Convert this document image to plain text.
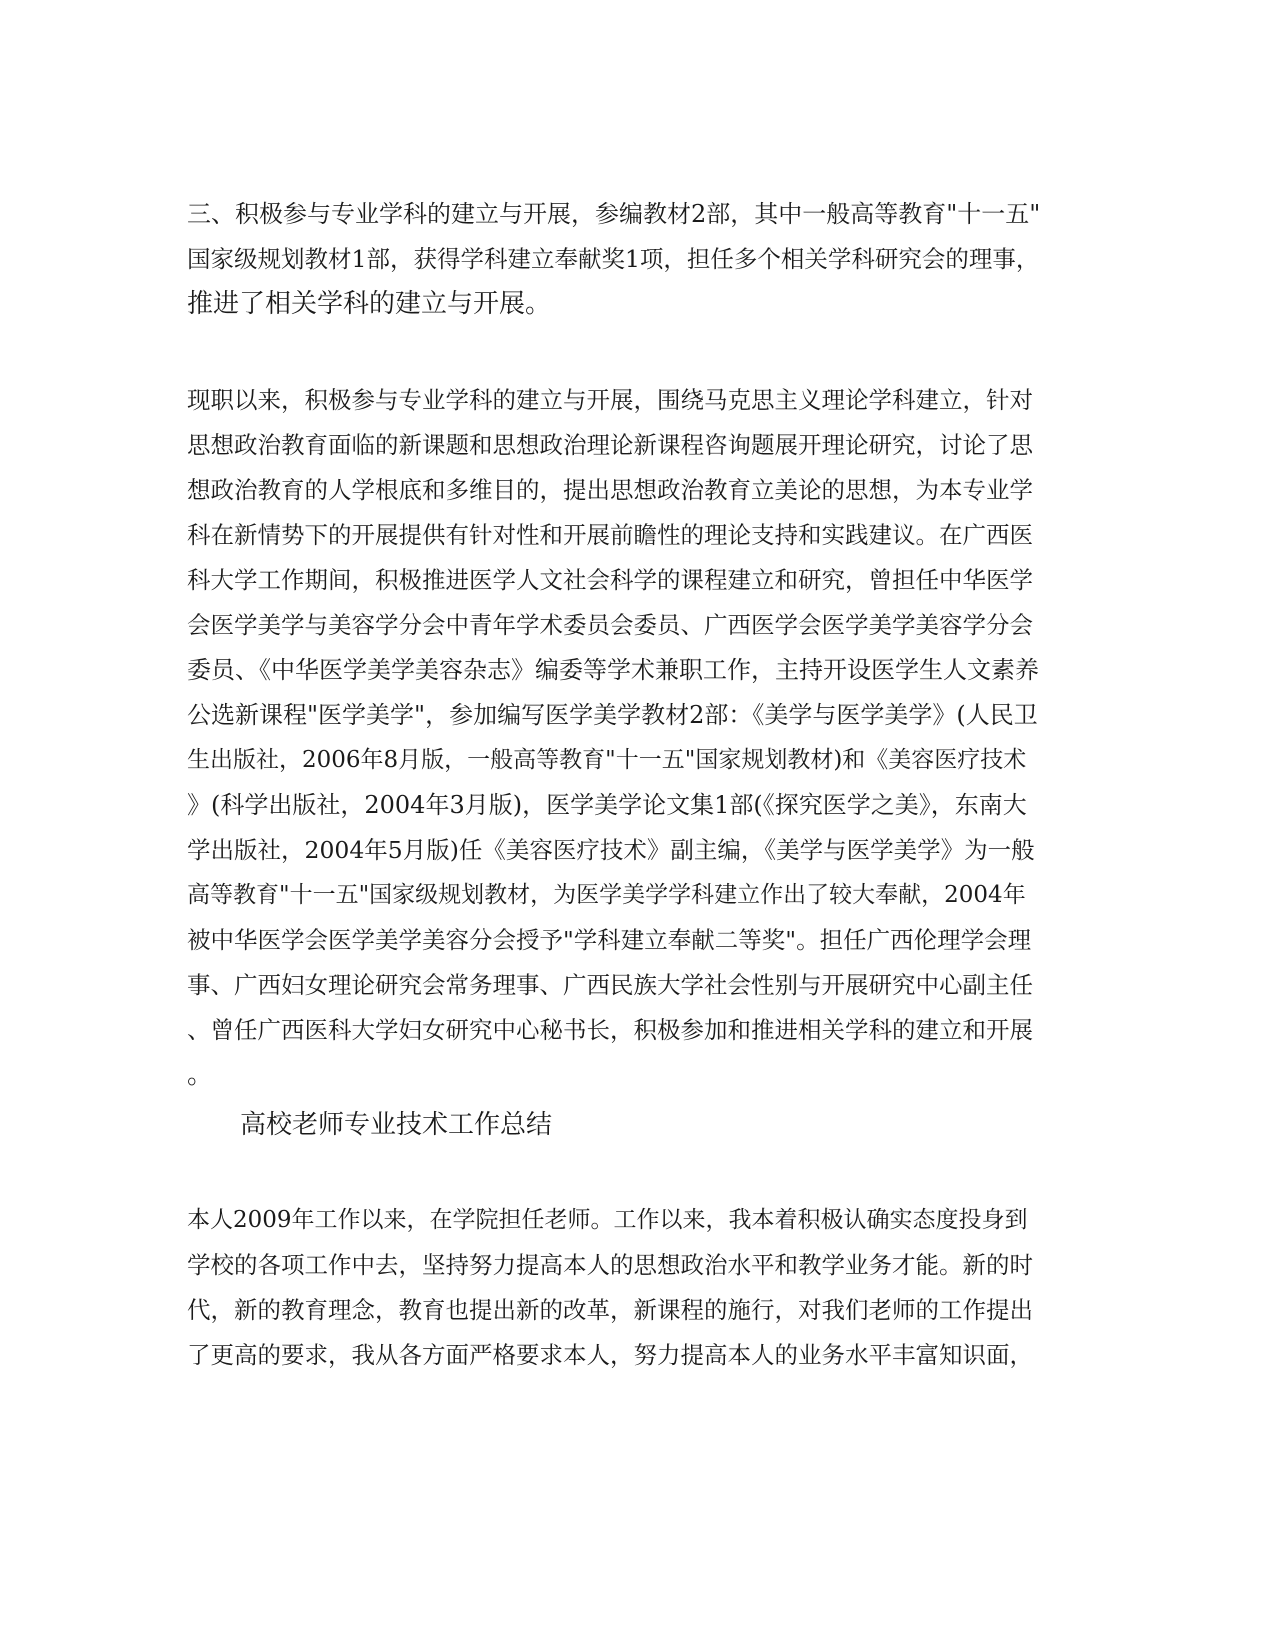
三、积极参与专业学科的建立与开展，参编教材2部，其中一般高等教育"十一五"
国家级规划教材1部，获得学科建立奉献奖1项，担任多个相关学科研究会的理事，
推进了相关学科的建立与开展。
现职以来，积极参与专业学科的建立与开展，围绕马克思主义理论学科建立，针对
思想政治教育面临的新课题和思想政治理论新课程咨询题展开理论研究，讨论了思
想政治教育的人学根底和多维目的，提出思想政治教育立美论的思想，为本专业学
科在新情势下的开展提供有针对性和开展前瞻性的理论支持和实践建议。在广西医
科大学工作期间，积极推进医学人文社会科学的课程建立和研究，曾担任中华医学
会医学美学与美容学分会中青年学术委员会委员、广西医学会医学美学美容学分会
委员、《中华医学美学美容杂志》编委等学术兼职工作，主持开设医学生人文素养
公选新课程"医学美学"，参加编写医学美学教材2部：《美学与医学美学》(人民卫
生出版社，2006年8月版，一般高等教育"十一五"国家规划教材)和《美容医疗技术
》(科学出版社，2004年3月版)，医学美学论文集1部(《探究医学之美》，东南大
学出版社，2004年5月版)任《美容医疗技术》副主编，《美学与医学美学》为一般
高等教育"十一五"国家级规划教材，为医学美学学科建立作出了较大奉献，2004年
被中华医学会医学美学美容分会授予"学科建立奉献二等奖"。担任广西伦理学会理
事、广西妇女理论研究会常务理事、广西民族大学社会性别与开展研究中心副主任
、曾任广西医科大学妇女研究中心秘书长，积极参加和推进相关学科的建立和开展
。
高校老师专业技术工作总结
本人2009年工作以来，在学院担任老师。工作以来，我本着积极认确实态度投身到
学校的各项工作中去，坚持努力提高本人的思想政治水平和教学业务才能。新的时
代，新的教育理念，教育也提出新的改革，新课程的施行，对我们老师的工作提出
了更高的要求，我从各方面严格要求本人，努力提高本人的业务水平丰富知识面，
